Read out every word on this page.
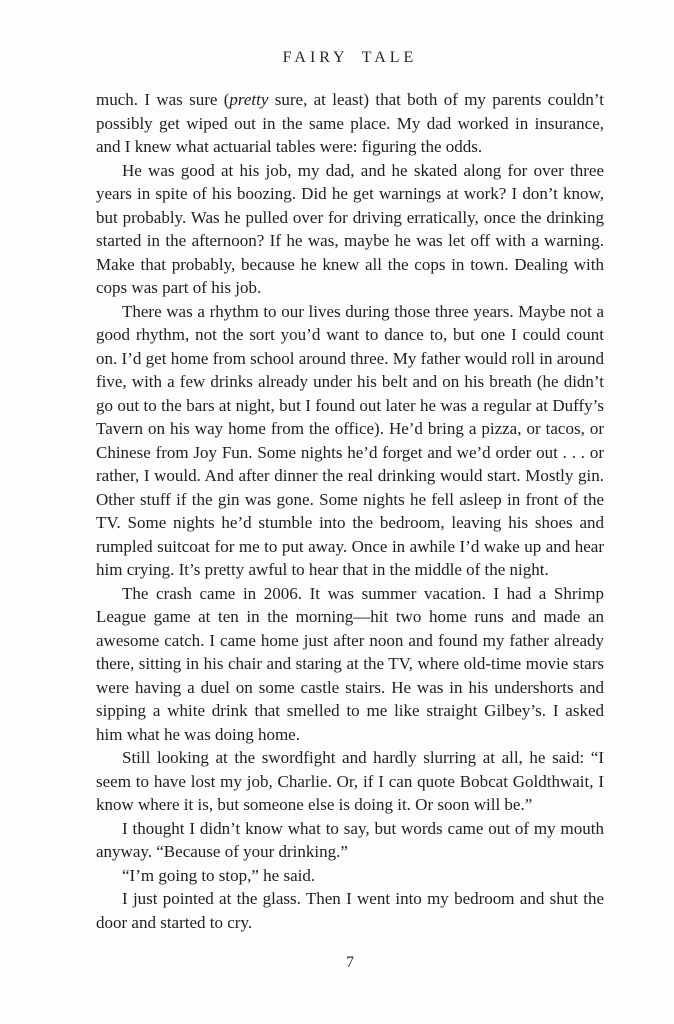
FAIRY TALE

much. I was sure (pretty sure, at least) that both of my parents couldn’t possibly get wiped out in the same place. My dad worked in insurance, and I knew what actuarial tables were: figuring the odds.

He was good at his job, my dad, and he skated along for over three years in spite of his boozing. Did he get warnings at work? I don’t know, but probably. Was he pulled over for driving erratically, once the drinking started in the afternoon? If he was, maybe he was let off with a warning. Make that probably, because he knew all the cops in town. Dealing with cops was part of his job.

There was a rhythm to our lives during those three years. Maybe not a good rhythm, not the sort you’d want to dance to, but one I could count on. I’d get home from school around three. My father would roll in around five, with a few drinks already under his belt and on his breath (he didn’t go out to the bars at night, but I found out later he was a regular at Duffy’s Tavern on his way home from the office). He’d bring a pizza, or tacos, or Chinese from Joy Fun. Some nights he’d forget and we’d order out . . . or rather, I would. And after dinner the real drinking would start. Mostly gin. Other stuff if the gin was gone. Some nights he fell asleep in front of the TV. Some nights he’d stumble into the bedroom, leaving his shoes and rumpled suitcoat for me to put away. Once in awhile I’d wake up and hear him crying. It’s pretty awful to hear that in the middle of the night.

The crash came in 2006. It was summer vacation. I had a Shrimp League game at ten in the morning—hit two home runs and made an awesome catch. I came home just after noon and found my father already there, sitting in his chair and staring at the TV, where old-time movie stars were having a duel on some castle stairs. He was in his undershorts and sipping a white drink that smelled to me like straight Gilbey’s. I asked him what he was doing home.

Still looking at the swordfight and hardly slurring at all, he said: “I seem to have lost my job, Charlie. Or, if I can quote Bobcat Goldthwait, I know where it is, but someone else is doing it. Or soon will be.”

I thought I didn’t know what to say, but words came out of my mouth anyway. “Because of your drinking.”

“I’m going to stop,” he said.

I just pointed at the glass. Then I went into my bedroom and shut the door and started to cry.

7
